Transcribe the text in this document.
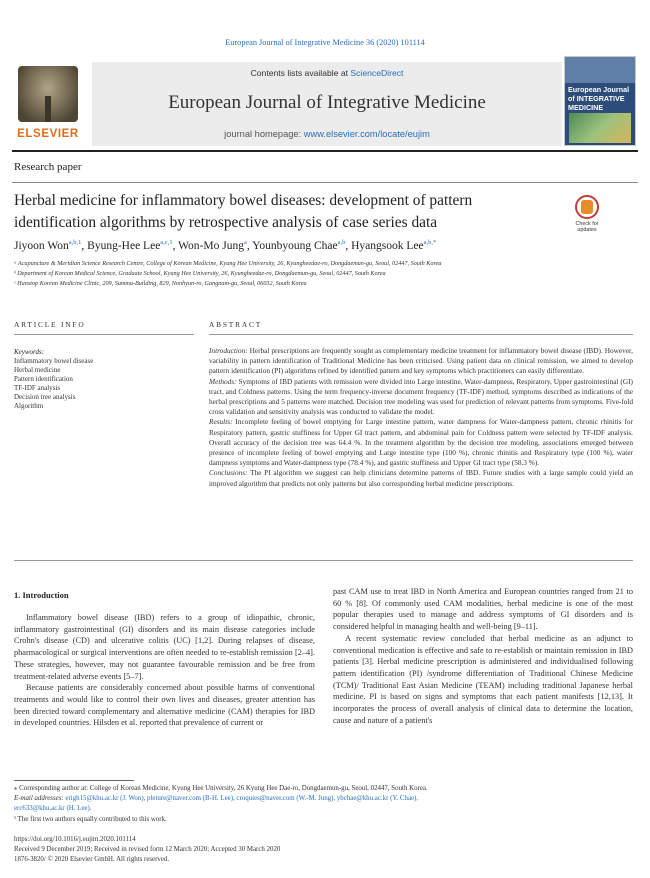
European Journal of Integrative Medicine 36 (2020) 101114
ELSEVIER
Contents lists available at ScienceDirect
European Journal of Integrative Medicine
journal homepage: www.elsevier.com/locate/eujim
European Journal of INTEGRATIVE MEDICINE
Research paper
Herbal medicine for inflammatory bowel diseases: development of pattern identification algorithms by retrospective analysis of case series data	Check for updates
Jiyoon Won$^{a,b,1}$, Byung-Hee Lee$^{a,c,1}$, Won-Mo Jung$^a$, Younbyoung Chae$^{a,b}$, Hyangsook Lee$^{a,b,*}$
ᵃ Acupuncture & Meridian Science Research Centre, College of Korean Medicine, Kyung Hee University, 26, Kyungheedae-ro, Dongdaemun-gu, Seoul, 02447, South Korea
ᵇ Department of Korean Medical Science, Graduate School, Kyung Hee University, 26, Kyungheedae-ro, Dongdaemun-gu, Seoul, 02447, South Korea
ᶜ Hanstop Korean Medicine Clinic, 209, Samma-Building, 829, Nonhyun-ro, Gangnam-gu, Seoul, 06032, South Korea
ARTICLE INFO	ABSTRACT
Keywords:
Inflammatory bowel disease
Herbal medicine
Pattern identification
TF-IDF analysis
Decision tree analysis
Algorithm

Introduction: Herbal prescriptions are frequently sought as complementary medicine treatment for inflammatory bowel disease (IBD). However, variability in pattern identification of Traditional Medicine has been criticised. Using patient data on clinical remission, we aimed to develop pattern identification (PI) algorithms refined by identified pattern and key symptoms which practitioners can easily differentiate.

Methods: Symptoms of IBD patients with remission were divided into Large intestine, Water-dampness, Respiratory, Upper gastrointestinal (GI) tract, and Coldness patterns. Using the term frequency-inverse document frequency (TF-IDF) method, symptoms described as indications of the herbal prescriptions and 5 patterns were matched. Decision tree modeling was used for prediction of relevant patterns from symptoms. Five-fold cross validation and sensitivity analysis was conducted to validate the model.

Results: Incomplete feeling of bowel emptying for Large intestine pattern, water dampness for Water-dampness pattern, chronic rhinitis for Respiratory pattern, gastric stuffiness for Upper GI tract pattern, and abdominal pain for Coldness pattern were selected by TF-IDF analysis. Overall accuracy of the decision tree was 64.4 %. In the treatment algorithm by the decision tree modeling, associations emerged between presence of incomplete feeling of bowel emptying and Large intestine type (100 %), chronic rhinitis and Respiratory type (100 %), water dampness symptoms and Water-dampness type (78.4 %), and gastric stuffiness and Upper GI tract type (58.3 %).

Conclusions: The PI algorithm we suggest can help clinicians determine patterns of IBD. Future studies with a large sample could yield an improved algorithm that predicts not only patterns but also corresponding herbal medicine prescriptions.

1. Introduction

Inflammatory bowel disease (IBD) refers to a group of idiopathic, chronic, inflammatory gastrointestinal (GI) disorders and its main disease categories include Crohn's disease (CD) and ulcerative colitis (UC) [1,2]. During relapses of disease, pharmacological or surgical interventions are often needed to re-establish remission [2–4]. These strategies, however, may not guarantee favourable remission and be free from treatment-related adverse events [5–7].

Because patients are considerably concerned about possible harms of conventional treatments and would like to control their own lives and diseases, greater attention has been directed toward complementary and alternative medicine (CAM) therapies for IBD in developed countries. Hilsden et al. reported that prevalence of current or

past CAM use to treat IBD in North America and European countries ranged from 21 to 60 % [8]. Of commonly used CAM modalities, herbal medicine is one of the most popular therapies used to manage and address symptoms of GI disorders and is considered helpful in managing health and well-being [9–11].

A recent systematic review concluded that herbal medicine as an adjunct to conventional medication is effective and safe to re-establish or maintain remission in IBD patients [3]. Herbal medicine prescription is administered and individualised following pattern identification (PI) /syndrome differentiation of Traditional Chinese Medicine (TCM)/ Traditional East Asian Medicine (TEAM) including traditional Japanese herbal medicine. PI is based on signs and symptoms that each patient manifests [12,13]. It incorporates the process of overall analysis of clinical data to determine the location, cause and nature of a patient's

⁎ Corresponding author at: College of Korean Medicine, Kyung Hee University, 26 Kyung Hee Dae-ro, Dongdaemun-gu, Seoul, 02447, South Korea.
E-mail addresses: erigh15@khu.ac.kr (J. Won), pleture@naver.com (B-H. Lee), croquies@naver.com (W.-M. Jung), ybchae@khu.ac.kr (Y. Chae),
erc633@khu.ac.kr (H. Lee).
¹ The first two authors equally contributed to this work.
https://doi.org/10.1016/j.eujim.2020.101114
Received 9 December 2019; Received in revised form 12 March 2020; Accepted 30 March 2020
1876-3820/ © 2020 Elsevier GmbH. All rights reserved.
